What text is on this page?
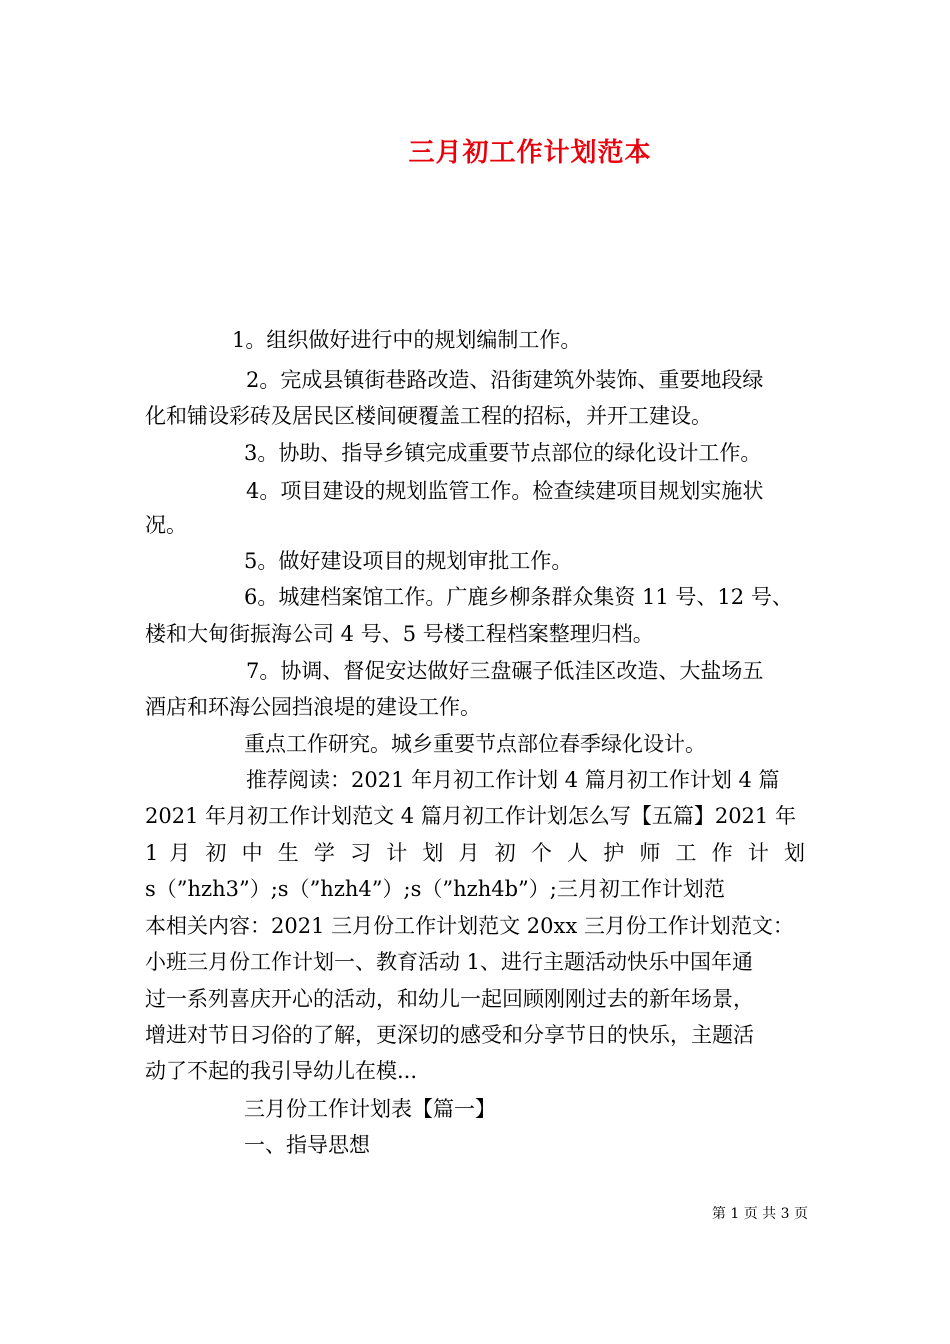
三月初工作计划范本
1。组织做好进行中的规划编制工作。
2。完成县镇街巷路改造、沿街建筑外装饰、重要地段绿
化和铺设彩砖及居民区楼间硬覆盖工程的招标，并开工建设。
3。协助、指导乡镇完成重要节点部位的绿化设计工作。
4。项目建设的规划监管工作。检查续建项目规划实施状
况。
5。做好建设项目的规划审批工作。
6。城建档案馆工作。广鹿乡柳条群众集资 11 号、12 号、
楼和大甸街振海公司 4 号、5 号楼工程档案整理归档。
7。协调、督促安达做好三盘碾子低洼区改造、大盐场五
酒店和环海公园挡浪堤的建设工作。
重点工作研究。城乡重要节点部位春季绿化设计。
推荐阅读：2021 年月初工作计划 4 篇月初工作计划 4 篇
2021 年月初工作计划范文 4 篇月初工作计划怎么写【五篇】2021 年
1 月 初 中 生 学 习 计 划 月 初 个 人 护 师 工 作 计 划
s（”hzh3”）;s（”hzh4”）;s（”hzh4b”）;三月初工作计划范
本相关内容：2021 三月份工作计划范文 20xx 三月份工作计划范文：
小班三月份工作计划一、教育活动 1、进行主题活动快乐中国年通
过一系列喜庆开心的活动，和幼儿一起回顾刚刚过去的新年场景，
增进对节日习俗的了解，更深切的感受和分享节日的快乐，主题活
动了不起的我引导幼儿在模...
三月份工作计划表【篇一】
一、指导思想
第 1 页 共 3 页
